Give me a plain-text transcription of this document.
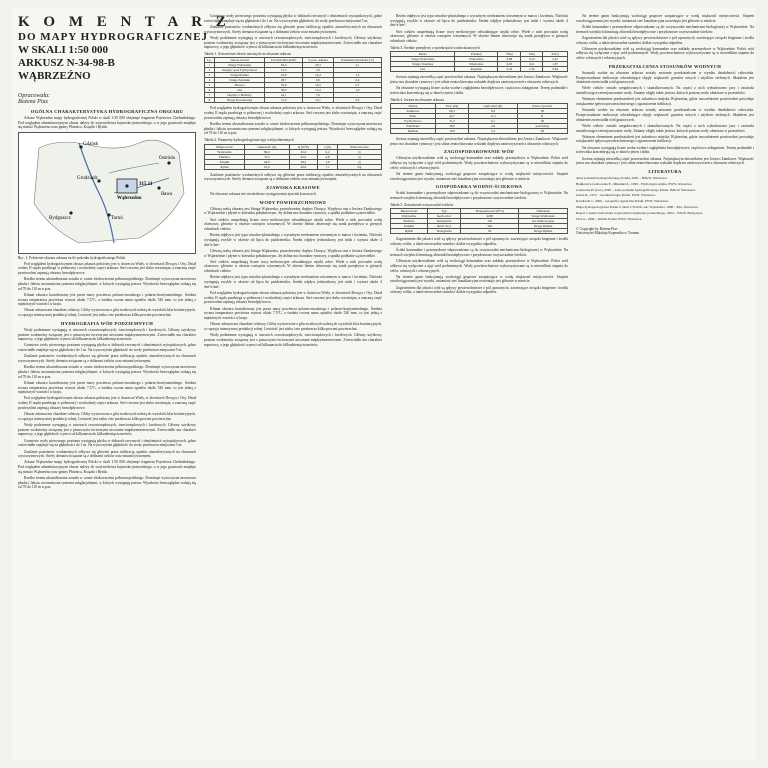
K O M E N T A R Z
DO MAPY HYDROGRAFICZNEJ
W SKALI 1:50 000
ARKUSZ N-34-98-B
WĄBRZEŹNO
Opracowała:
Bożena Pius
OGÓLNA CHARAKTERYSTYKA HYDROGRAFICZNA OBSZARU

Arkusz Wąbrzeźno mapy hydrograficznej Polski w skali 1:50 000 obejmuje fragment Pojezierza Chełmińskiego. Pod względem administracyjnym obszar należy do województwa kujawsko-pomorskiego, a w jego granicach znajduje się miasto Wąbrzeźno oraz gminy Płużnica, Książki i Ryńsk.

Gdańsk
Ostróda
Grudziądz
Wąbrzeźno
Toruń
Bydgoszcz
Iława
315.11
Ryc. 1. Położenie obszaru arkusza na tle podziału hydrograficznego Polski

Pod względem hydrograficznym obszar arkusza położony jest w dorzeczu Wisły, w zlewniach Drwęcy i Osy. Dział wodny II rzędu przebiega w północnej i wschodniej części arkusza. Sieć rzeczna jest słabo rozwinięta, a znaczną część powierzchni zajmują obszary bezodpływowe.

Rzeźba terenu ukształtowana została w czasie zlodowacenia północnopolskiego. Dominuje wysoczyzna morenowa płaska i falista, urozmaicona rynnami subglacjalnymi, w których występują jeziora. Wysokości bezwzględne wahają się od 70 do 110 m n.p.m.

Klimat obszaru kształtowany jest przez masy powietrza polarno-morskiego i polarno-kontynentalnego. Średnia roczna temperatura powietrza wynosi około 7,5°C, a średnia roczna suma opadów około 520 mm, co jest jedną z najniższych wartości w kraju.

Obszar arkusza ma charakter rolniczy. Gleby wytworzone z glin zwałowych należą do wysokich klas bonitacyjnych, co sprzyja intensywnej produkcji rolnej. Lesistość jest niska i nie przekracza kilku procent powierzchni.

HYDROGRAFIA WÓD PODZIEMNYCH

Wody podziemne występują w utworach czwartorzędowych, trzeciorzędowych i kredowych. Główny użytkowy poziom wodonośny związany jest z piaszczysto-żwirowymi utworami międzymorenowymi. Zwierciadło ma charakter naporowy, a jego głębokość wynosi od kilkunastu do kilkudziesięciu metrów.

Gruntowe wody pierwszego poziomu występują płytko w dolinach rzecznych i obniżeniach wytopiskowych, gdzie zwierciadło znajduje się na głębokości do 1 m. Na wysoczyźnie głębokość do wody przekracza miejscami 5 m.

Zasilanie poziomów wodonośnych odbywa się głównie przez infiltrację opadów atmosferycznych na obszarach wysoczyznowych. Strefy drenażu związane są z dolinami cieków oraz misami jeziornymi.

Rzeźba terenu ukształtowana została w czasie zlodowacenia północnopolskiego. Dominuje wysoczyzna morenowa płaska i falista, urozmaicona rynnami subglacjalnymi, w których występują jeziora. Wysokości bezwzględne wahają się od 70 do 110 m n.p.m.

Klimat obszaru kształtowany jest przez masy powietrza polarno-morskiego i polarno-kontynentalnego. Średnia roczna temperatura powietrza wynosi około 7,5°C, a średnia roczna suma opadów około 520 mm, co jest jedną z najniższych wartości w kraju.

Pod względem hydrograficznym obszar arkusza położony jest w dorzeczu Wisły, w zlewniach Drwęcy i Osy. Dział wodny II rzędu przebiega w północnej i wschodniej części arkusza. Sieć rzeczna jest słabo rozwinięta, a znaczną część powierzchni zajmują obszary bezodpływowe.

Obszar arkusza ma charakter rolniczy. Gleby wytworzone z glin zwałowych należą do wysokich klas bonitacyjnych, co sprzyja intensywnej produkcji rolnej. Lesistość jest niska i nie przekracza kilku procent powierzchni.

Wody podziemne występują w utworach czwartorzędowych, trzeciorzędowych i kredowych. Główny użytkowy poziom wodonośny związany jest z piaszczysto-żwirowymi utworami międzymorenowymi. Zwierciadło ma charakter naporowy, a jego głębokość wynosi od kilkunastu do kilkudziesięciu metrów.

Gruntowe wody pierwszego poziomu występują płytko w dolinach rzecznych i obniżeniach wytopiskowych, gdzie zwierciadło znajduje się na głębokości do 1 m. Na wysoczyźnie głębokość do wody przekracza miejscami 5 m.

Zasilanie poziomów wodonośnych odbywa się głównie przez infiltrację opadów atmosferycznych na obszarach wysoczyznowych. Strefy drenażu związane są z dolinami cieków oraz misami jeziornymi.

Arkusz Wąbrzeźno mapy hydrograficznej Polski w skali 1:50 000 obejmuje fragment Pojezierza Chełmińskiego. Pod względem administracyjnym obszar należy do województwa kujawsko-pomorskiego, a w jego granicach znajduje się miasto Wąbrzeźno oraz gminy Płużnica, Książki i Ryńsk.

Rzeźba terenu ukształtowana została w czasie zlodowacenia północnopolskiego. Dominuje wysoczyzna morenowa płaska i falista, urozmaicona rynnami subglacjalnymi, w których występują jeziora. Wysokości bezwzględne wahają się od 70 do 110 m n.p.m.

Gruntowe wody pierwszego poziomu występują płytko w dolinach rzecznych i obniżeniach wytopiskowych, gdzie zwierciadło znajduje się na głębokości do 1 m. Na wysoczyźnie głębokość do wody przekracza miejscami 5 m.

Zasilanie poziomów wodonośnych odbywa się głównie przez infiltrację opadów atmosferycznych na obszarach wysoczyznowych. Strefy drenażu związane są z dolinami cieków oraz misami jeziornymi.

Wody podziemne występują w utworach czwartorzędowych, trzeciorzędowych i kredowych. Główny użytkowy poziom wodonośny związany jest z piaszczysto-żwirowymi utworami międzymorenowymi. Zwierciadło ma charakter naporowy, a jego głębokość wynosi od kilkunastu do kilkudziesięciu metrów.

Tabela 1. Zestawienie zlewni rzecznych na obszarze arkusza
Lp.	Nazwa zlewni	Powierzchnia [km²]	% pow. arkusza	Wskaźnik jeziorności [%]
1	Struga Wąbrzeska	64,5	20,3	2,1
2	Dopływ spod Frydrychowa	12,3	3,9	–
3	Struga Ryńska	45,8	14,4	1,3
4	Struga Toruńska	28,7	9,0	0,4
5	Drwęca	52,6	16,5	0,7
6	Osa	38,9	12,2	1,9
7	Dopływ z Płużnicy	24,1	7,6	–
8	Struga Kowalewska	51,4	16,1	0,9

Pod względem hydrograficznym obszar arkusza położony jest w dorzeczu Wisły, w zlewniach Drwęcy i Osy. Dział wodny II rzędu przebiega w północnej i wschodniej części arkusza. Sieć rzeczna jest słabo rozwinięta, a znaczną część powierzchni zajmują obszary bezodpływowe.

Rzeźba terenu ukształtowana została w czasie zlodowacenia północnopolskiego. Dominuje wysoczyzna morenowa płaska i falista, urozmaicona rynnami subglacjalnymi, w których występują jeziora. Wysokości bezwzględne wahają się od 70 do 110 m n.p.m.

Tabela 2. Parametry hydrogeologiczne ujęć wód podziemnych
Miejscowość	Głębokość [m]	Q [m³/h]	s [m]	Wiek utworów
Wąbrzeźno	86,0	45,0	6,2	Q
Płużnica	72,5	32,0	4,8	Q
Książki	64,0	28,5	3,9	Q
Ryńsk	91,0	40,0	7,1	Ng

Zasilanie poziomów wodonośnych odbywa się głównie przez infiltrację opadów atmosferycznych na obszarach wysoczyznowych. Strefy drenażu związane są z dolinami cieków oraz misami jeziornymi.

ZJAWISKA KRASOWE

Na obszarze arkusza nie stwierdzono występowania zjawisk krasowych.

WODY POWIERZCHNIOWE

Główną rzeką obszaru jest Struga Wąbrzeska, prawobrzeżny dopływ Drwęcy. Wypływa ona z Jeziora Zamkowego w Wąbrzeźnie i płynie w kierunku południowym. Jej dolina ma charakter rynnowy, a spadki podłużne są niewielkie.

Sieć cieków uzupełniają liczne rowy melioracyjne odwadniające użytki rolne. Wiele z nich prowadzi wodę okresowo, głównie w okresie roztopów wiosennych. W okresie letnim obserwuje się zanik przepływu w górnych odcinkach cieków.

Reżim odpływu jest typu niwalno-pluwialnego z wyraźnym wezbraniem wiosennym w marcu i kwietniu. Niżówki występują zwykle w okresie od lipca do października. Średni odpływ jednostkowy jest niski i wynosi około 4 dm³/s·km².

Główną rzeką obszaru jest Struga Wąbrzeska, prawobrzeżny dopływ Drwęcy. Wypływa ona z Jeziora Zamkowego w Wąbrzeźnie i płynie w kierunku południowym. Jej dolina ma charakter rynnowy, a spadki podłużne są niewielkie.

Sieć cieków uzupełniają liczne rowy melioracyjne odwadniające użytki rolne. Wiele z nich prowadzi wodę okresowo, głównie w okresie roztopów wiosennych. W okresie letnim obserwuje się zanik przepływu w górnych odcinkach cieków.

Reżim odpływu jest typu niwalno-pluwialnego z wyraźnym wezbraniem wiosennym w marcu i kwietniu. Niżówki występują zwykle w okresie od lipca do października. Średni odpływ jednostkowy jest niski i wynosi około 4 dm³/s·km².

Pod względem hydrograficznym obszar arkusza położony jest w dorzeczu Wisły, w zlewniach Drwęcy i Osy. Dział wodny II rzędu przebiega w północnej i wschodniej części arkusza. Sieć rzeczna jest słabo rozwinięta, a znaczną część powierzchni zajmują obszary bezodpływowe.

Klimat obszaru kształtowany jest przez masy powietrza polarno-morskiego i polarno-kontynentalnego. Średnia roczna temperatura powietrza wynosi około 7,5°C, a średnia roczna suma opadów około 520 mm, co jest jedną z najniższych wartości w kraju.

Obszar arkusza ma charakter rolniczy. Gleby wytworzone z glin zwałowych należą do wysokich klas bonitacyjnych, co sprzyja intensywnej produkcji rolnej. Lesistość jest niska i nie przekracza kilku procent powierzchni.

Wody podziemne występują w utworach czwartorzędowych, trzeciorzędowych i kredowych. Główny użytkowy poziom wodonośny związany jest z piaszczysto-żwirowymi utworami międzymorenowymi. Zwierciadło ma charakter naporowy, a jego głębokość wynosi od kilkunastu do kilkudziesięciu metrów.

Reżim odpływu jest typu niwalno-pluwialnego z wyraźnym wezbraniem wiosennym w marcu i kwietniu. Niżówki występują zwykle w okresie od lipca do października. Średni odpływ jednostkowy jest niski i wynosi około 4 dm³/s·km².

Sieć cieków uzupełniają liczne rowy melioracyjne odwadniające użytki rolne. Wiele z nich prowadzi wodę okresowo, głównie w okresie roztopów wiosennych. W okresie letnim obserwuje się zanik przepływu w górnych odcinkach cieków.

Tabela 3. Średnie przepływy w przekrojach wodowskazowych
Rzeka	Przekrój	SNQ	SSQ	SWQ
Struga Wąbrzeska	Wąbrzeźno	0,08	0,34	2,91
Struga Toruńska	Dźwierzno	0,05	0,21	1,87
Osa	Rogóźno	0,42	1,56	9,84

Jeziora zajmują niewielką część powierzchni arkusza. Największym zbiornikiem jest Jezioro Zamkowe. Większość jezior ma charakter rynnowy i jest silnie zeutrofizowana wskutek dopływu zanieczyszczeń z obszarów rolniczych.

Na obszarze występują liczne oczka wodne i zagłębienia bezodpływowe, częściowo zabagnione. Tereny podmokłe i torfowiska koncentrują się w dnach rynien i dolin.

Tabela 4. Jeziora na obszarze arkusza
Nazwa	Pow. [ha]	Głęb. max [m]	Klasa czystości
Zamkowe	66,3	8,4	III
Sitno	42,7	11,2	II
Frydrychowo	31,5	6,1	III
Wieldządz	28,0	4,9	poza klasą
Ryńskie	19,6	5,3	III

Jeziora zajmują niewielką część powierzchni arkusza. Największym zbiornikiem jest Jezioro Zamkowe. Większość jezior ma charakter rynnowy i jest silnie zeutrofizowana wskutek dopływu zanieczyszczeń z obszarów rolniczych.

ZAGOSPODAROWANIE WÓD

Głównym użytkownikiem wód są wodociągi komunalne oraz zakłady przemysłowe w Wąbrzeźnie. Pobór wód odbywa się wyłącznie z ujęć wód podziemnych. Wody powierzchniowe wykorzystywane są w niewielkim stopniu do celów rolniczych i rekreacyjnych.

Na terenie gmin funkcjonują wodociągi grupowe zaopatrujące w wodę większość miejscowości. Stopień zwodociągowania jest wysoki, natomiast sieć kanalizacyjna rozwinięta jest głównie w mieście.

GOSPODARKA WODNO-ŚCIEKOWA

Ścieki komunalne i przemysłowe odprowadzane są do oczyszczalni mechaniczno-biologicznej w Wąbrzeźnie. Na terenach wiejskich dominują zbiorniki bezodpływowe i przydomowe oczyszczalnie ścieków.

Tabela 5. Zestawienie oczyszczalni ścieków
Miejscowość	Typ	Przepustowość [m³/d]	Odbiornik
Wąbrzeźno	mech.-biol.	4200	Struga Wąbrzeska
Płużnica	biologiczna	150	rów melioracyjny
Książki	mech.-biol.	320	Struga Ryńska
Ryńsk	biologiczna	95	Struga Ryńska

Zagrożeniem dla jakości wód są spływy powierzchniowe z pól uprawnych, zawierające związki biogenne i środki ochrony roślin, a także nieszczelne szamba i dzikie wysypiska odpadów.

Ścieki komunalne i przemysłowe odprowadzane są do oczyszczalni mechaniczno-biologicznej w Wąbrzeźnie. Na terenach wiejskich dominują zbiorniki bezodpływowe i przydomowe oczyszczalnie ścieków.

Głównym użytkownikiem wód są wodociągi komunalne oraz zakłady przemysłowe w Wąbrzeźnie. Pobór wód odbywa się wyłącznie z ujęć wód podziemnych. Wody powierzchniowe wykorzystywane są w niewielkim stopniu do celów rolniczych i rekreacyjnych.

Na terenie gmin funkcjonują wodociągi grupowe zaopatrujące w wodę większość miejscowości. Stopień zwodociągowania jest wysoki, natomiast sieć kanalizacyjna rozwinięta jest głównie w mieście.

Zagrożeniem dla jakości wód są spływy powierzchniowe z pól uprawnych, zawierające związki biogenne i środki ochrony roślin, a także nieszczelne szamba i dzikie wysypiska odpadów.

Na terenie gmin funkcjonują wodociągi grupowe zaopatrujące w wodę większość miejscowości. Stopień zwodociągowania jest wysoki, natomiast sieć kanalizacyjna rozwinięta jest głównie w mieście.

Ścieki komunalne i przemysłowe odprowadzane są do oczyszczalni mechaniczno-biologicznej w Wąbrzeźnie. Na terenach wiejskich dominują zbiorniki bezodpływowe i przydomowe oczyszczalnie ścieków.

Zagrożeniem dla jakości wód są spływy powierzchniowe z pól uprawnych, zawierające związki biogenne i środki ochrony roślin, a także nieszczelne szamba i dzikie wysypiska odpadów.

Głównym użytkownikiem wód są wodociągi komunalne oraz zakłady przemysłowe w Wąbrzeźnie. Pobór wód odbywa się wyłącznie z ujęć wód podziemnych. Wody powierzchniowe wykorzystywane są w niewielkim stopniu do celów rolniczych i rekreacyjnych.

PRZEKSZTAŁCENIA STOSUNKÓW WODNYCH

Stosunki wodne na obszarze arkusza zostały znacznie przekształcone w wyniku działalności człowieka. Przeprowadzone melioracje odwadniające objęły większość gruntów ornych i użytków zielonych. Skutkiem jest obniżenie zwierciadła wód gruntowych.

Wiele cieków zostało uregulowanych i skanalizowanych. Na części z nich wybudowano jazy i zastawki umożliwiające retencjonowanie wody. Zmiany objęły także jeziora, których poziom wody obniżono w przeszłości.

Ważnym elementem przekształceń jest zabudowa miejska Wąbrzeźna, gdzie uszczelnienie powierzchni powoduje zwiększenie spływu powierzchniowego i ograniczenie infiltracji.

Stosunki wodne na obszarze arkusza zostały znacznie przekształcone w wyniku działalności człowieka. Przeprowadzone melioracje odwadniające objęły większość gruntów ornych i użytków zielonych. Skutkiem jest obniżenie zwierciadła wód gruntowych.

Wiele cieków zostało uregulowanych i skanalizowanych. Na części z nich wybudowano jazy i zastawki umożliwiające retencjonowanie wody. Zmiany objęły także jeziora, których poziom wody obniżono w przeszłości.

Ważnym elementem przekształceń jest zabudowa miejska Wąbrzeźna, gdzie uszczelnienie powierzchni powoduje zwiększenie spływu powierzchniowego i ograniczenie infiltracji.

Na obszarze występują liczne oczka wodne i zagłębienia bezodpływowe, częściowo zabagnione. Tereny podmokłe i torfowiska koncentrują się w dnach rynien i dolin.

Jeziora zajmują niewielką część powierzchni arkusza. Największym zbiornikiem jest Jezioro Zamkowe. Większość jezior ma charakter rynnowy i jest silnie zeutrofizowana wskutek dopływu zanieczyszczeń z obszarów rolniczych.

LITERATURA

Atlas podziału hydrograficznego Polski, 2005 – IMGW, Warszawa.

Bajkiewicz-Grabowska E., Mikulski Z., 1999 – Hydrologia ogólna. PWN, Warszawa.

Czarnecka H. (red.), 2005 – Atlas podziału hydrograficznego Polski. IMGW, Warszawa.

Galon R., 1972 – Geomorfologia Polski. PWN, Warszawa.

Kondracki J., 2000 – Geografia regionalna Polski. PWN, Warszawa.

Mapa hydrogeologiczna Polski w skali 1:50 000, ark. Wąbrzeźno, 1998 – PIG, Warszawa.

Raport o stanie środowiska województwa kujawsko-pomorskiego, 2004 – WIOŚ, Bydgoszcz.

Woś A., 1999 – Klimat Polski. PWN, Warszawa.

© Copyright by Bożena Pius
Uniwersytet Mikołaja Kopernika w Toruniu
